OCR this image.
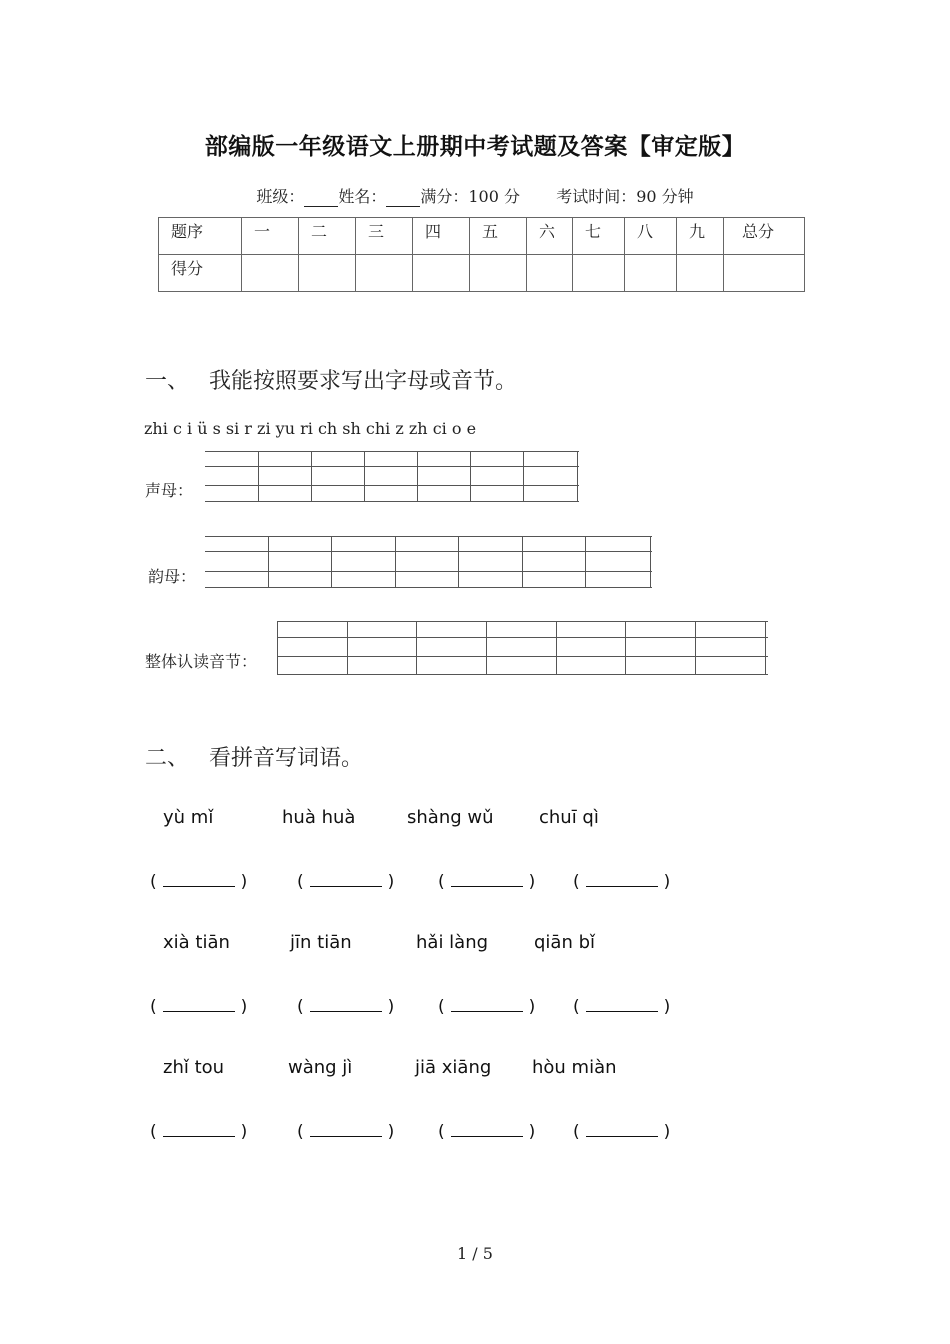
部编版一年级语文上册期中考试题及答案【审定版】
班级： 姓名： 满分：100 分 考试时间：90 分钟
题序	一	二	三	四	五	六	七	八	九	总分
得分										
一、 我能按照要求写出字母或音节。
zhi c i ü s si r zi yu ri ch sh chi z zh ci o e
声母：
韵母：
整体认读音节：
二、 看拼音写词语。
yù mǐ	huà huà	shàng wǔ	chuī qì
(	)	(	)	(	) (	)
xià tiān	jīn tiān	hǎi làng	qiān bǐ
(	)	(	)	(	) (	)
zhǐ tou	wàng jì	jiā xiāng hòu miàn
(	)	(	)	(	) (	)
1 / 5
